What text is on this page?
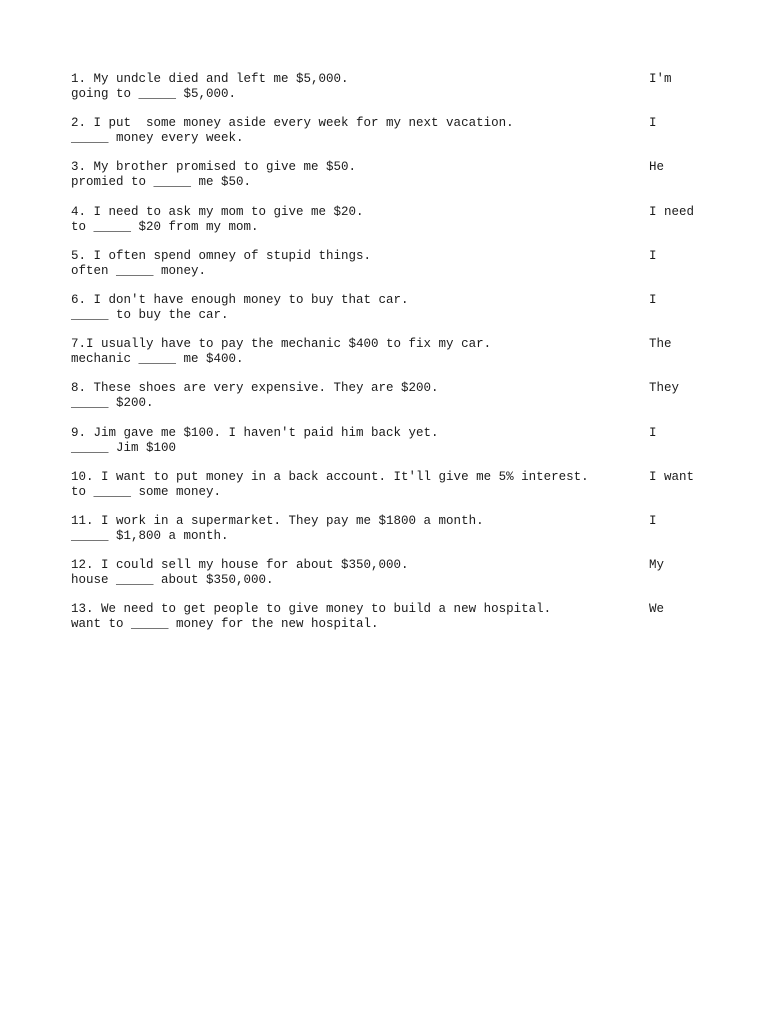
1. My undcle died and left me $5,000.	I'm
going to _____ $5,000.
2. I put  some money aside every week for my next vacation.	I
_____ money every week.
3. My brother promised to give me $50.	He
promied to _____ me $50.
4. I need to ask my mom to give me $20.	I need
to _____ $20 from my mom.
5. I often spend omney of stupid things.	I
often _____ money.
6. I don't have enough money to buy that car.	I
_____ to buy the car.
7.I usually have to pay the mechanic $400 to fix my car.	The
mechanic _____ me $400.
8. These shoes are very expensive. They are $200.	They
_____ $200.
9. Jim gave me $100. I haven't paid him back yet.	I
_____ Jim $100
10. I want to put money in a back account. It'll give me 5% interest.	I want
to _____ some money.
11. I work in a supermarket. They pay me $1800 a month.	I
_____ $1,800 a month.
12. I could sell my house for about $350,000.	My
house _____ about $350,000.
13. We need to get people to give money to build a new hospital.	We
want to _____ money for the new hospital.
